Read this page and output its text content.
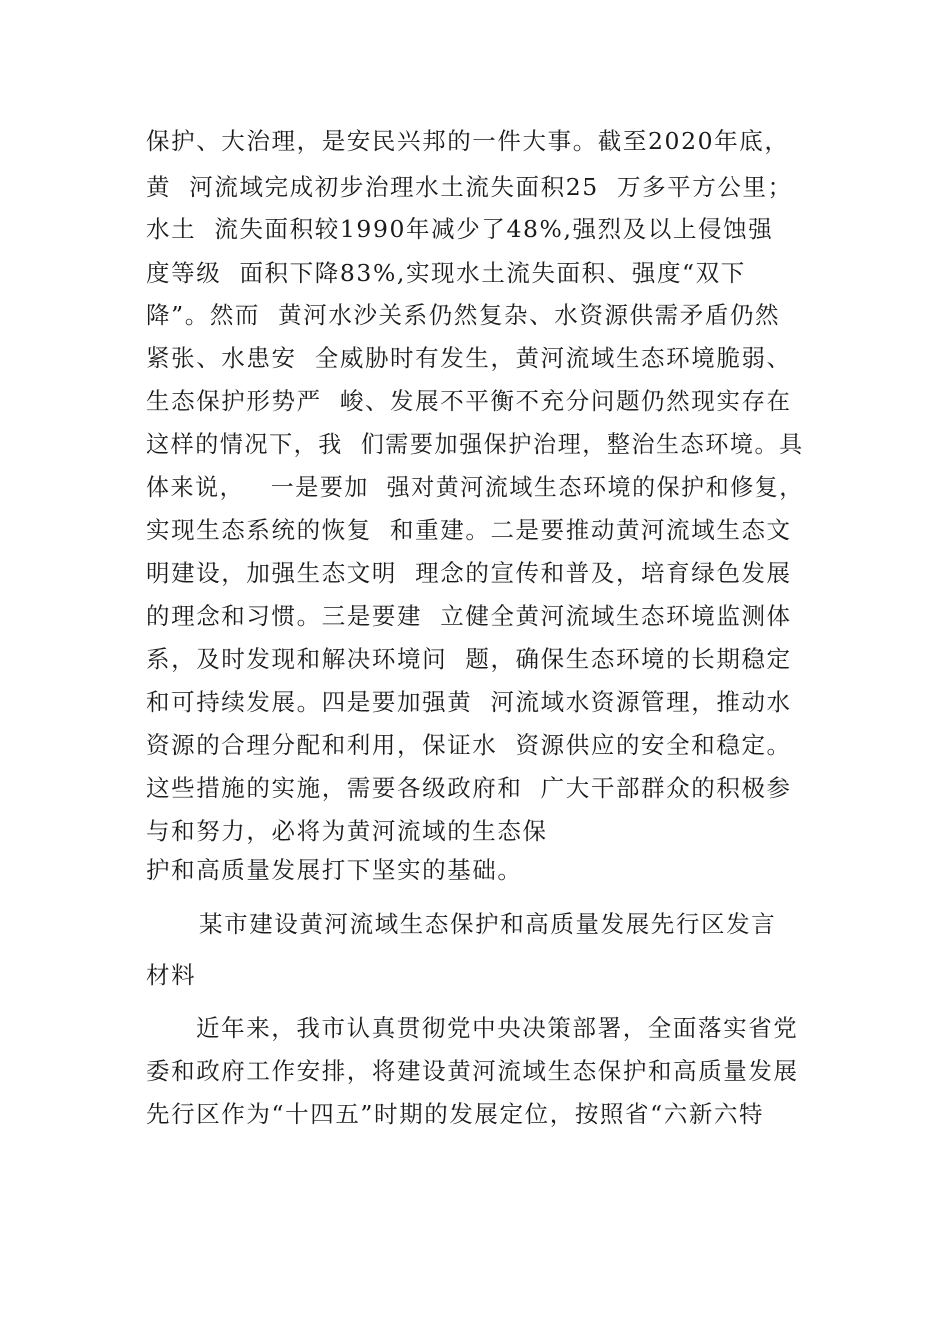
保护、大治理，是安民兴邦的一件大事。截至2020年底，
黄  河流域完成初步治理水土流失面积25  万多平方公里；
水土  流失面积较1990年减少了48%,强烈及以上侵蚀强
度等级  面积下降83%,实现水土流失面积、强度“双下
降”。然而  黄河水沙关系仍然复杂、水资源供需矛盾仍然
紧张、水患安  全威胁时有发生，黄河流域生态环境脆弱、
生态保护形势严  峻、发展不平衡不充分问题仍然现实存在
这样的情况下，我  们需要加强保护治理，整治生态环境。具
体来说，   一是要加  强对黄河流域生态环境的保护和修复，
实现生态系统的恢复  和重建。二是要推动黄河流域生态文
明建设，加强生态文明  理念的宣传和普及，培育绿色发展
的理念和习惯。三是要建  立健全黄河流域生态环境监测体
系，及时发现和解决环境问  题，确保生态环境的长期稳定
和可持续发展。四是要加强黄  河流域水资源管理，推动水
资源的合理分配和利用，保证水  资源供应的安全和稳定。
这些措施的实施，需要各级政府和  广大干部群众的积极参
与和努力，必将为黄河流域的生态保
护和高质量发展打下坚实的基础。
某市建设黄河流域生态保护和高质量发展先行区发言
材料
近年来，我市认真贯彻党中央决策部署，全面落实省党
委和政府工作安排，将建设黄河流域生态保护和高质量发展
先行区作为“十四五”时期的发展定位，按照省“六新六特
